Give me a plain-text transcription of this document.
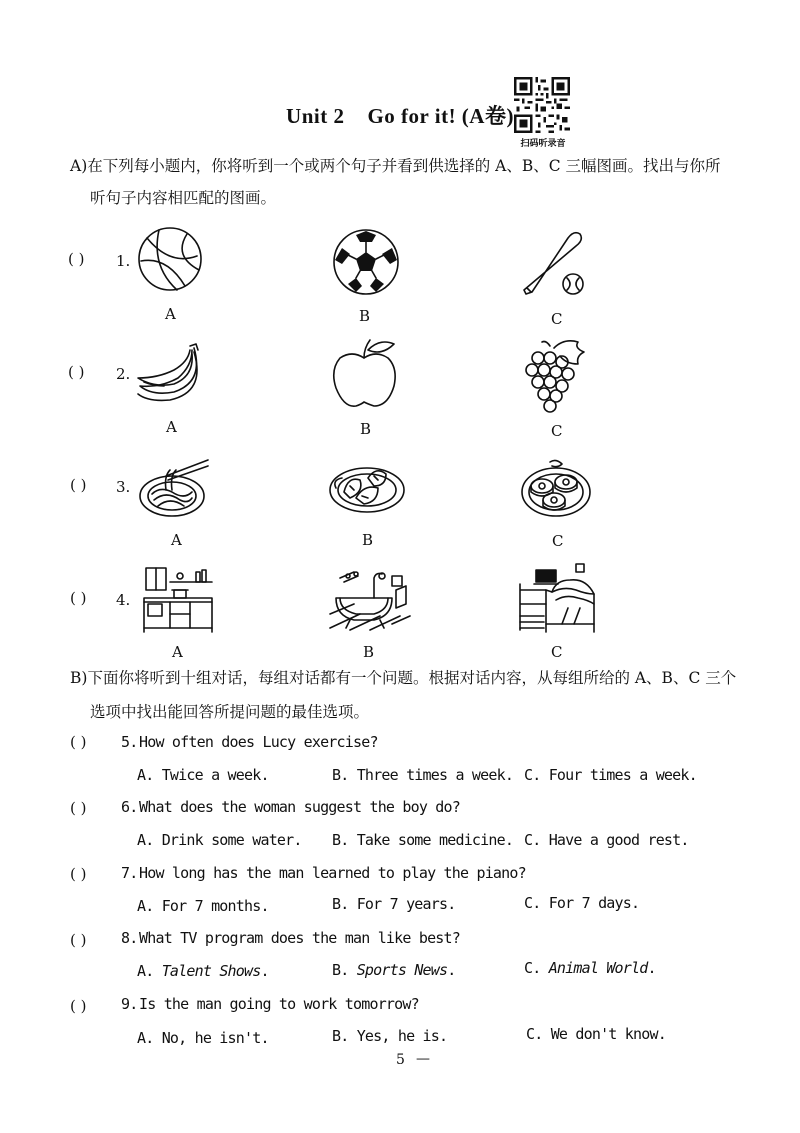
Unit 2 Go for it! (A卷)
扫码听录音
A)在下列每小题内，你将听到一个或两个句子并看到供选择的 A、B、C 三幅图画。找出与你所
听句子内容相匹配的图画。
( ) 1.
A	B	C
( ) 2.
A	B	C
( ) 3.
A	B	C
( ) 4.
A	B	C
B)下面你将听到十组对话，每组对话都有一个问题。根据对话内容，从每组所给的 A、B、C 三个
选项中找出能回答所提问题的最佳选项。
( ) 5. How often does Lucy exercise?
A. Twice a week.	B. Three times a week. C. Four times a week.
( ) 6. What does the woman suggest the boy do?
A. Drink some water. B. Take some medicine. C. Have a good rest.
( ) 7. How long has the man learned to play the piano?
A. For 7 months.	B. For 7 years.	C. For 7 days.
( ) 8. What TV program does the man like best?
A. Talent Shows.	B. Sports News.	C. Animal World.
( ) 9. Is the man going to work tomorrow?
A. No, he isn't.	B. Yes, he is.	C. We don't know.
5 —
